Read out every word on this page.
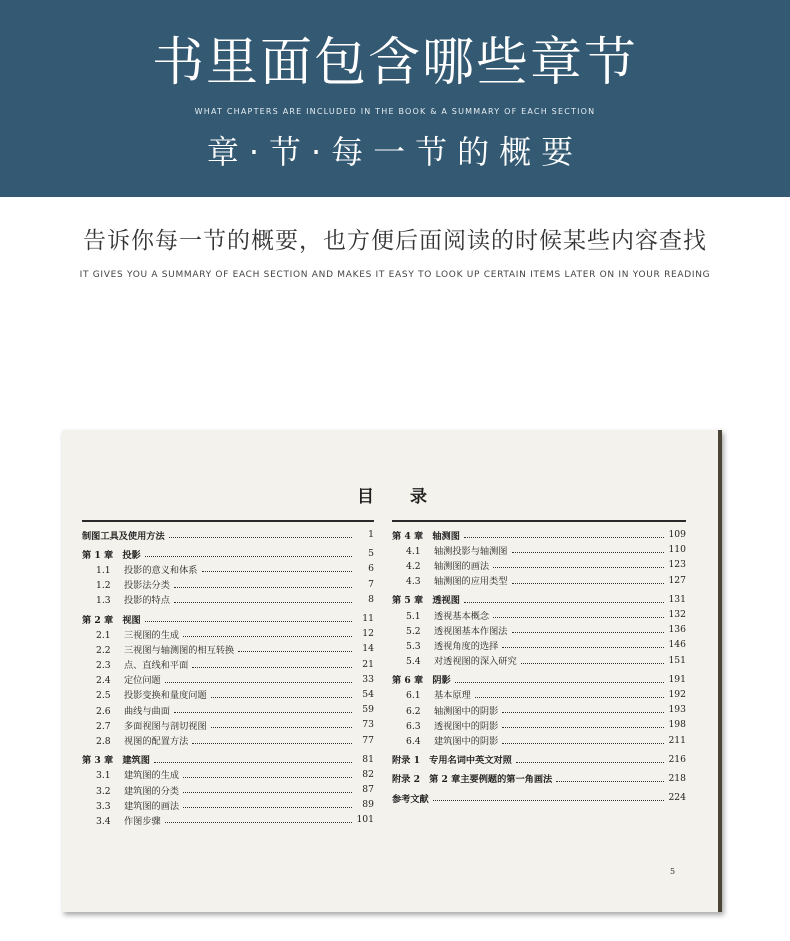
书里面包含哪些章节
WHAT CHAPTERS ARE INCLUDED IN THE BOOK & A SUMMARY OF EACH SECTION
章·节·每一节的概要
告诉你每一节的概要，也方便后面阅读的时候某些内容查找
IT GIVES YOU A SUMMARY OF EACH SECTION AND MAKES IT EASY TO LOOK UP CERTAIN ITEMS LATER ON IN YOUR READING
目录
制图工具及使用方法	1
第 1 章　投影	5
1.1 投影的意义和体系	6
1.2 投影法分类	7
1.3 投影的特点	8
第 2 章　视图	11
2.1 三视图的生成	12
2.2 三视图与轴测图的相互转换	14
2.3 点、直线和平面	21
2.4 定位问题	33
2.5 投影变换和量度问题	54
2.6 曲线与曲面	59
2.7 多面视图与剖切视图	73
2.8 视图的配置方法	77
第 3 章　建筑图	81
3.1 建筑图的生成	82
3.2 建筑图的分类	87
3.3 建筑图的画法	89
3.4 作图步骤	101
第 4 章　轴测图	109
4.1 轴测投影与轴测图	110
4.2 轴测图的画法	123
4.3 轴测图的应用类型	127
第 5 章　透视图	131
5.1 透视基本概念	132
5.2 透视图基本作图法	136
5.3 透视角度的选择	146
5.4 对透视图的深入研究	151
第 6 章　阴影	191
6.1 基本原理	192
6.2 轴测图中的阴影	193
6.3 透视图中的阴影	198
6.4 建筑图中的阴影	211
附录 1　专用名词中英文对照	216
附录 2　第 2 章主要例题的第一角画法	218
参考文献	224
5
